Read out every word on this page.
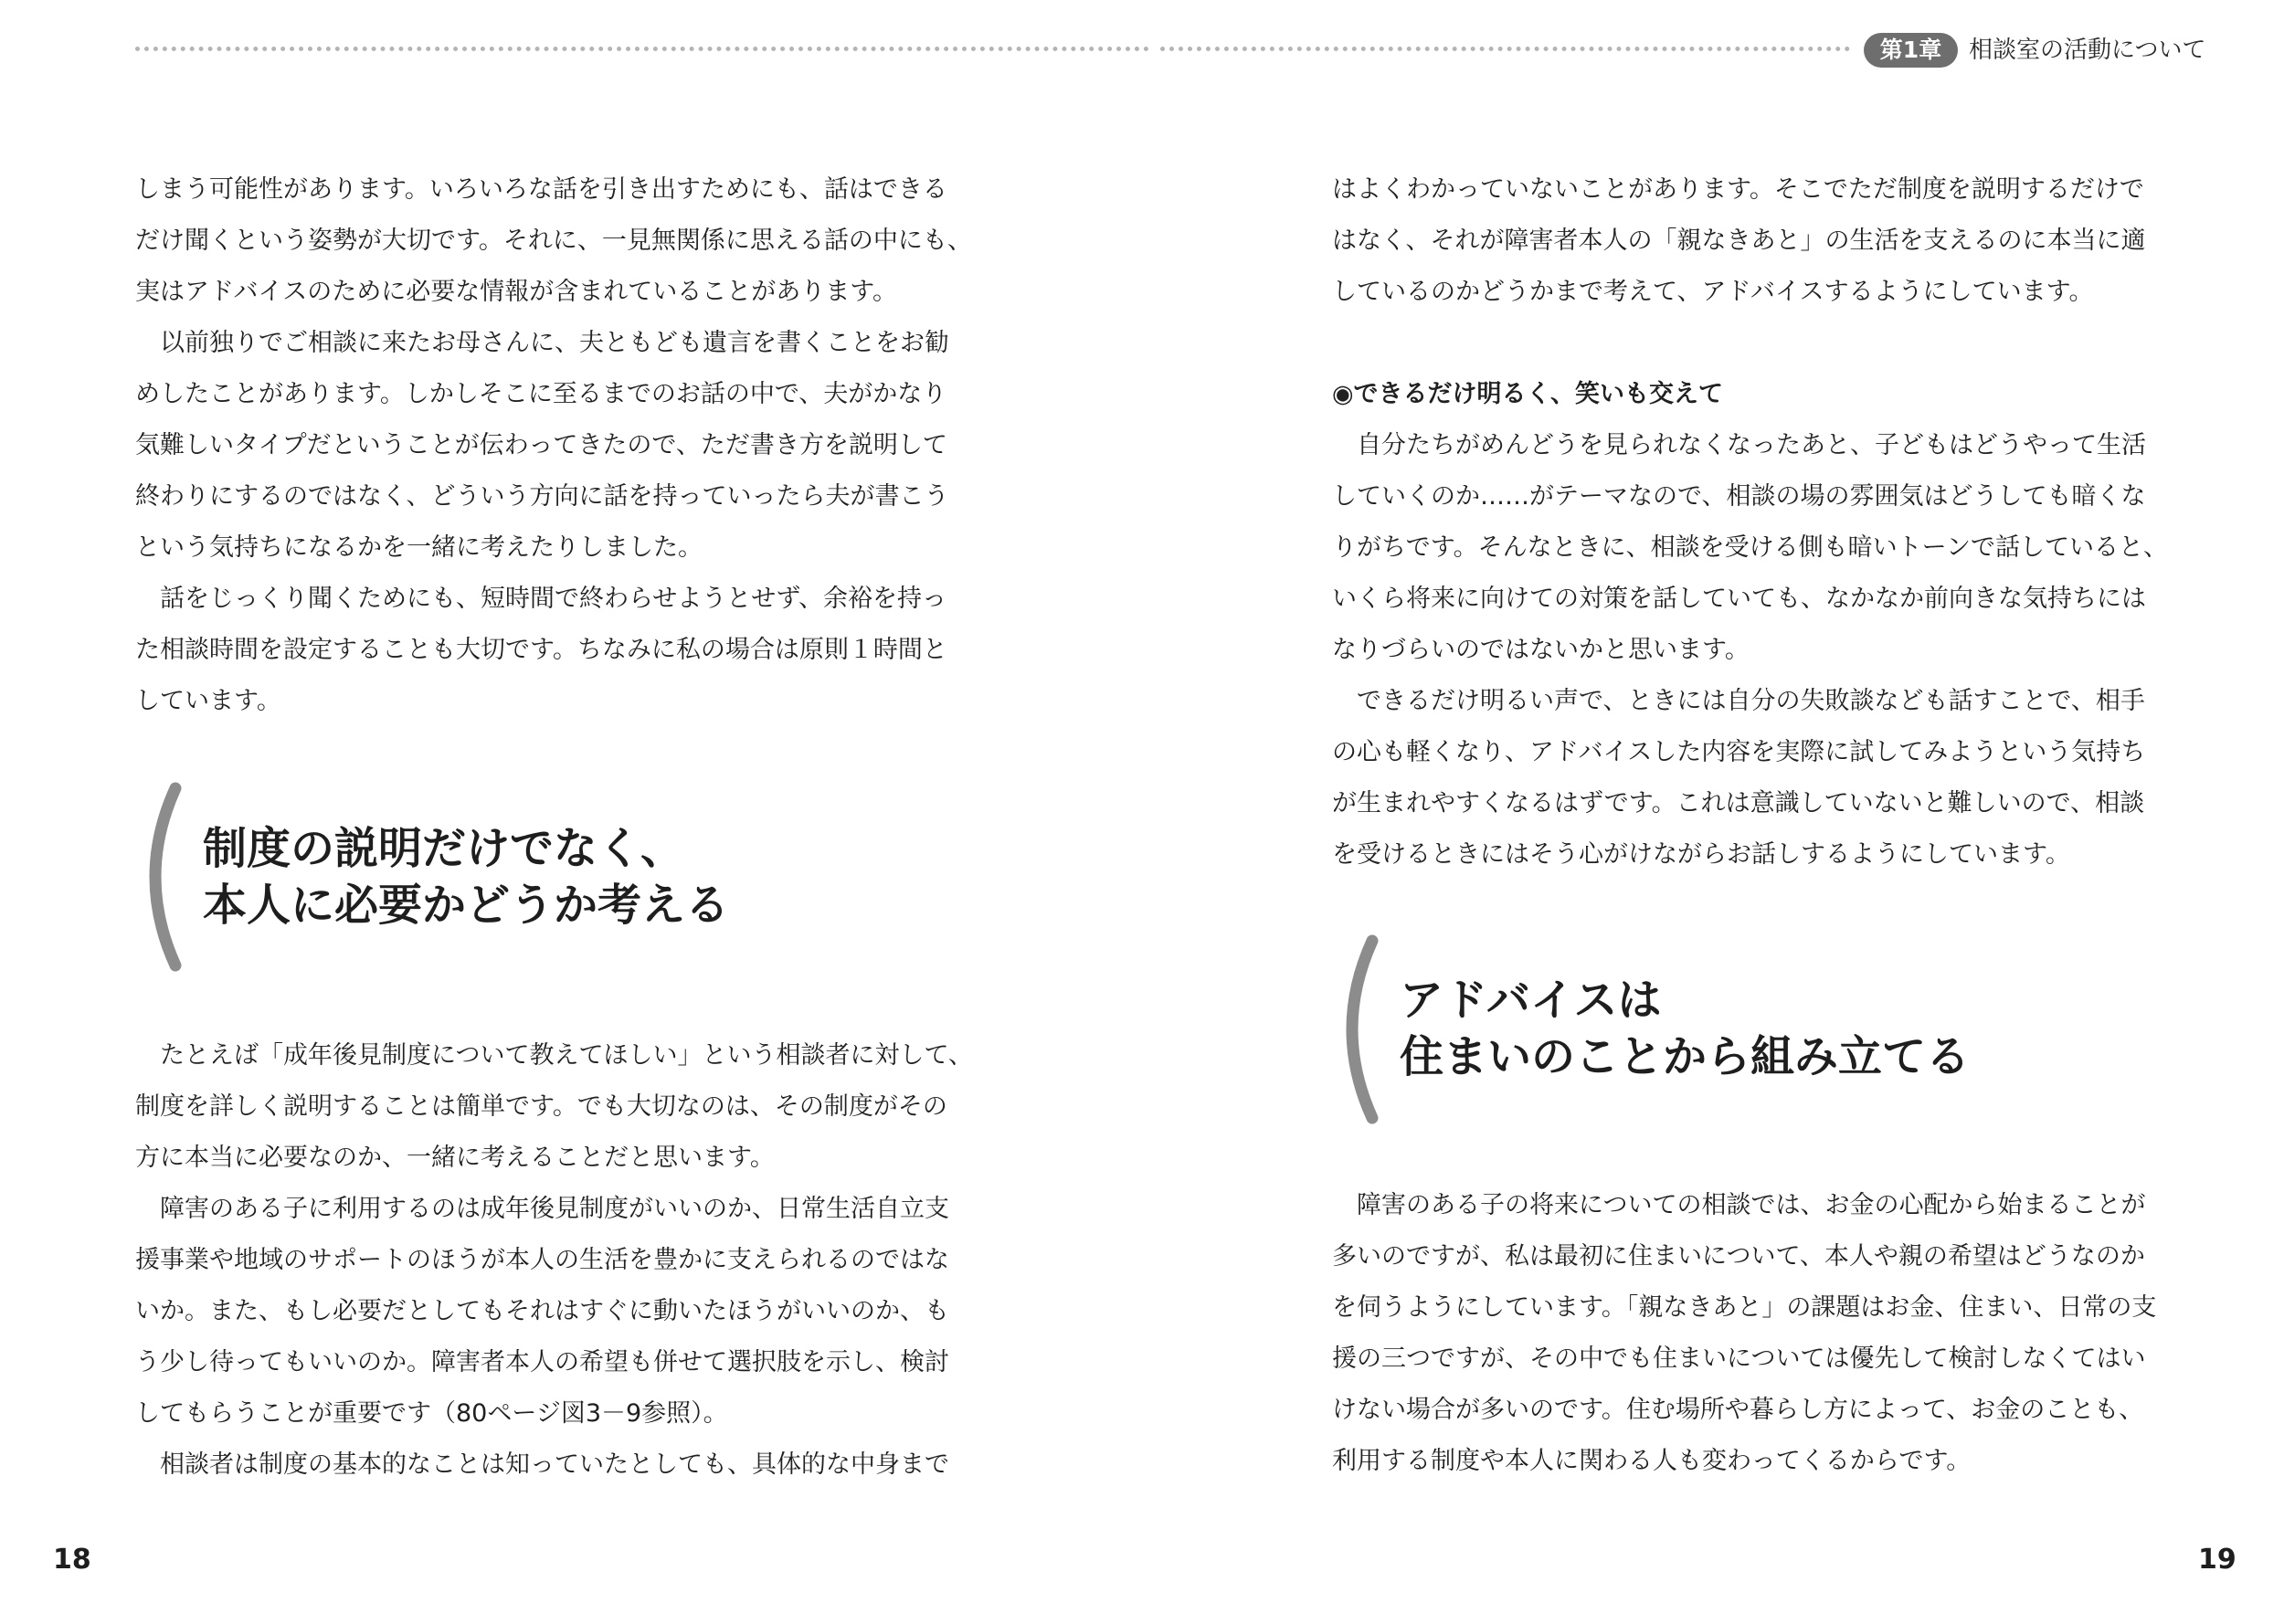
第1章	相談室の活動について

しまう可能性があります。いろいろな話を引き出すためにも、話はできる

だけ聞くという姿勢が大切です。それに、一見無関係に思える話の中にも、

実はアドバイスのために必要な情報が含まれていることがあります。

　以前独りでご相談に来たお母さんに、夫ともども遺言を書くことをお勧

めしたことがあります。しかしそこに至るまでのお話の中で、夫がかなり

気難しいタイプだということが伝わってきたので、ただ書き方を説明して

終わりにするのではなく、どういう方向に話を持っていったら夫が書こう

という気持ちになるかを一緒に考えたりしました。

　話をじっくり聞くためにも、短時間で終わらせようとせず、余裕を持っ

た相談時間を設定することも大切です。ちなみに私の場合は原則１時間と

しています。

制度の説明だけでなく、
本人に必要かどうか考える

　たとえば「成年後見制度について教えてほしい」という相談者に対して、

制度を詳しく説明することは簡単です。でも大切なのは、その制度がその

方に本当に必要なのか、一緒に考えることだと思います。

　障害のある子に利用するのは成年後見制度がいいのか、日常生活自立支

援事業や地域のサポートのほうが本人の生活を豊かに支えられるのではな

いか。また、もし必要だとしてもそれはすぐに動いたほうがいいのか、も

う少し待ってもいいのか。障害者本人の希望も併せて選択肢を示し、検討

してもらうことが重要です（80ページ図3－9参照）。

　相談者は制度の基本的なことは知っていたとしても、具体的な中身まで

18

はよくわかっていないことがあります。そこでただ制度を説明するだけで

はなく、それが障害者本人の「親なきあと」の生活を支えるのに本当に適

しているのかどうかまで考えて、アドバイスするようにしています。

◉できるだけ明るく、笑いも交えて

　自分たちがめんどうを見られなくなったあと、子どもはどうやって生活

していくのか……がテーマなので、相談の場の雰囲気はどうしても暗くな

りがちです。そんなときに、相談を受ける側も暗いトーンで話していると、

いくら将来に向けての対策を話していても、なかなか前向きな気持ちには

なりづらいのではないかと思います。

　できるだけ明るい声で、ときには自分の失敗談なども話すことで、相手

の心も軽くなり、アドバイスした内容を実際に試してみようという気持ち

が生まれやすくなるはずです。これは意識していないと難しいので、相談

を受けるときにはそう心がけながらお話しするようにしています。

アドバイスは
住まいのことから組み立てる

　障害のある子の将来についての相談では、お金の心配から始まることが

多いのですが、私は最初に住まいについて、本人や親の希望はどうなのか

を伺うようにしています。「親なきあと」の課題はお金、住まい、日常の支

援の三つですが、その中でも住まいについては優先して検討しなくてはい

けない場合が多いのです。住む場所や暮らし方によって、お金のことも、

利用する制度や本人に関わる人も変わってくるからです。

19
